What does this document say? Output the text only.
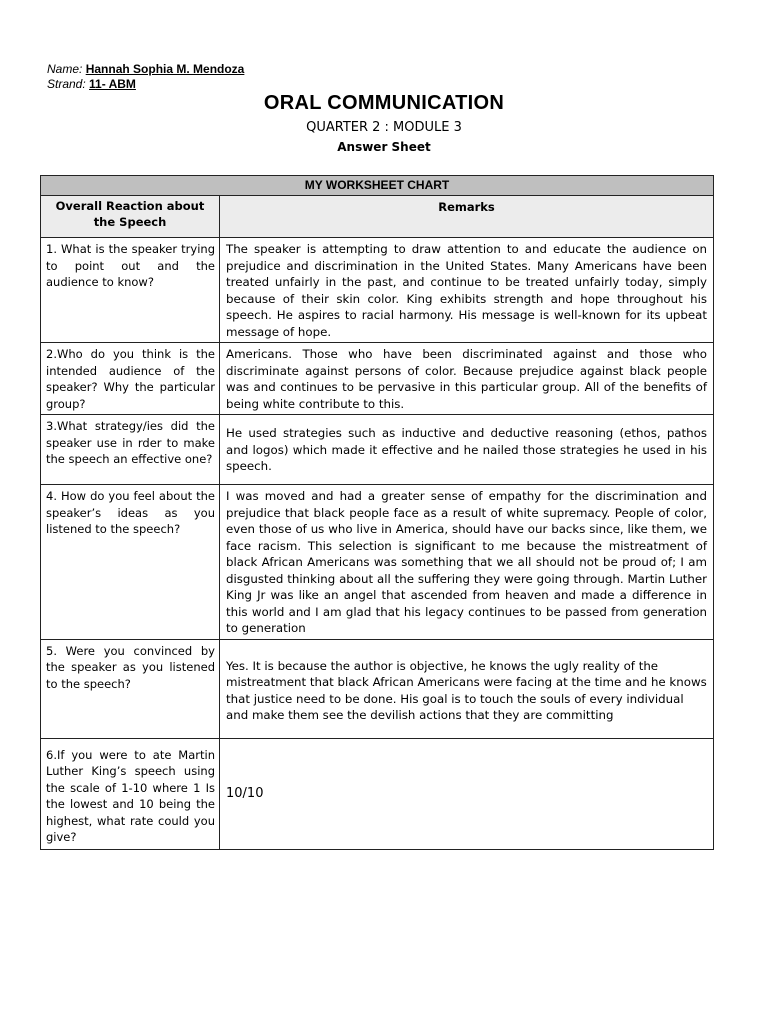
Name: Hannah Sophia M. Mendoza
Strand: 11- ABM
ORAL COMMUNICATION
QUARTER 2 : MODULE 3
Answer Sheet
MY WORKSHEET CHART	
Overall Reaction about the Speech	Remarks
1. What is the speaker trying to point out and the audience to know?	The speaker is attempting to draw attention to and educate the audience on prejudice and discrimination in the United States. Many Americans have been treated unfairly in the past, and continue to be treated unfairly today, simply because of their skin color. King exhibits strength and hope throughout his speech. He aspires to racial harmony. His message is well-known for its upbeat message of hope.
2.Who do you think is the intended audience of the speaker? Why the particular group?	Americans. Those who have been discriminated against and those who discriminate against persons of color. Because prejudice against black people was and continues to be pervasive in this particular group. All of the benefits of being white contribute to this.
3.What strategy/ies did the speaker use in rder to make the speech an effective one?	He used strategies such as inductive and deductive reasoning (ethos, pathos and logos) which made it effective and he nailed those strategies he used in his speech.
4. How do you feel about the speaker’s ideas as you listened to the speech?	I was moved and had a greater sense of empathy for the discrimination and prejudice that black people face as a result of white supremacy. People of color, even those of us who live in America, should have our backs since, like them, we face racism. This selection is significant to me because the mistreatment of black African Americans was something that we all should not be proud of; I am disgusted thinking about all the suffering they were going through. Martin Luther King Jr was like an angel that ascended from heaven and made a difference in this world and I am glad that his legacy continues to be passed from generation to generation
5. Were you convinced by the speaker as you listened to the speech?	Yes. It is because the author is objective, he knows the ugly reality of the mistreatment that black African Americans were facing at the time and he knows that justice need to be done. His goal is to touch the souls of every individual and make them see the devilish actions that they are committing
6.If you were to ate Martin Luther King’s speech using the scale of 1-10 where 1 Is the lowest and 10 being the highest, what rate could you give?	10/10
